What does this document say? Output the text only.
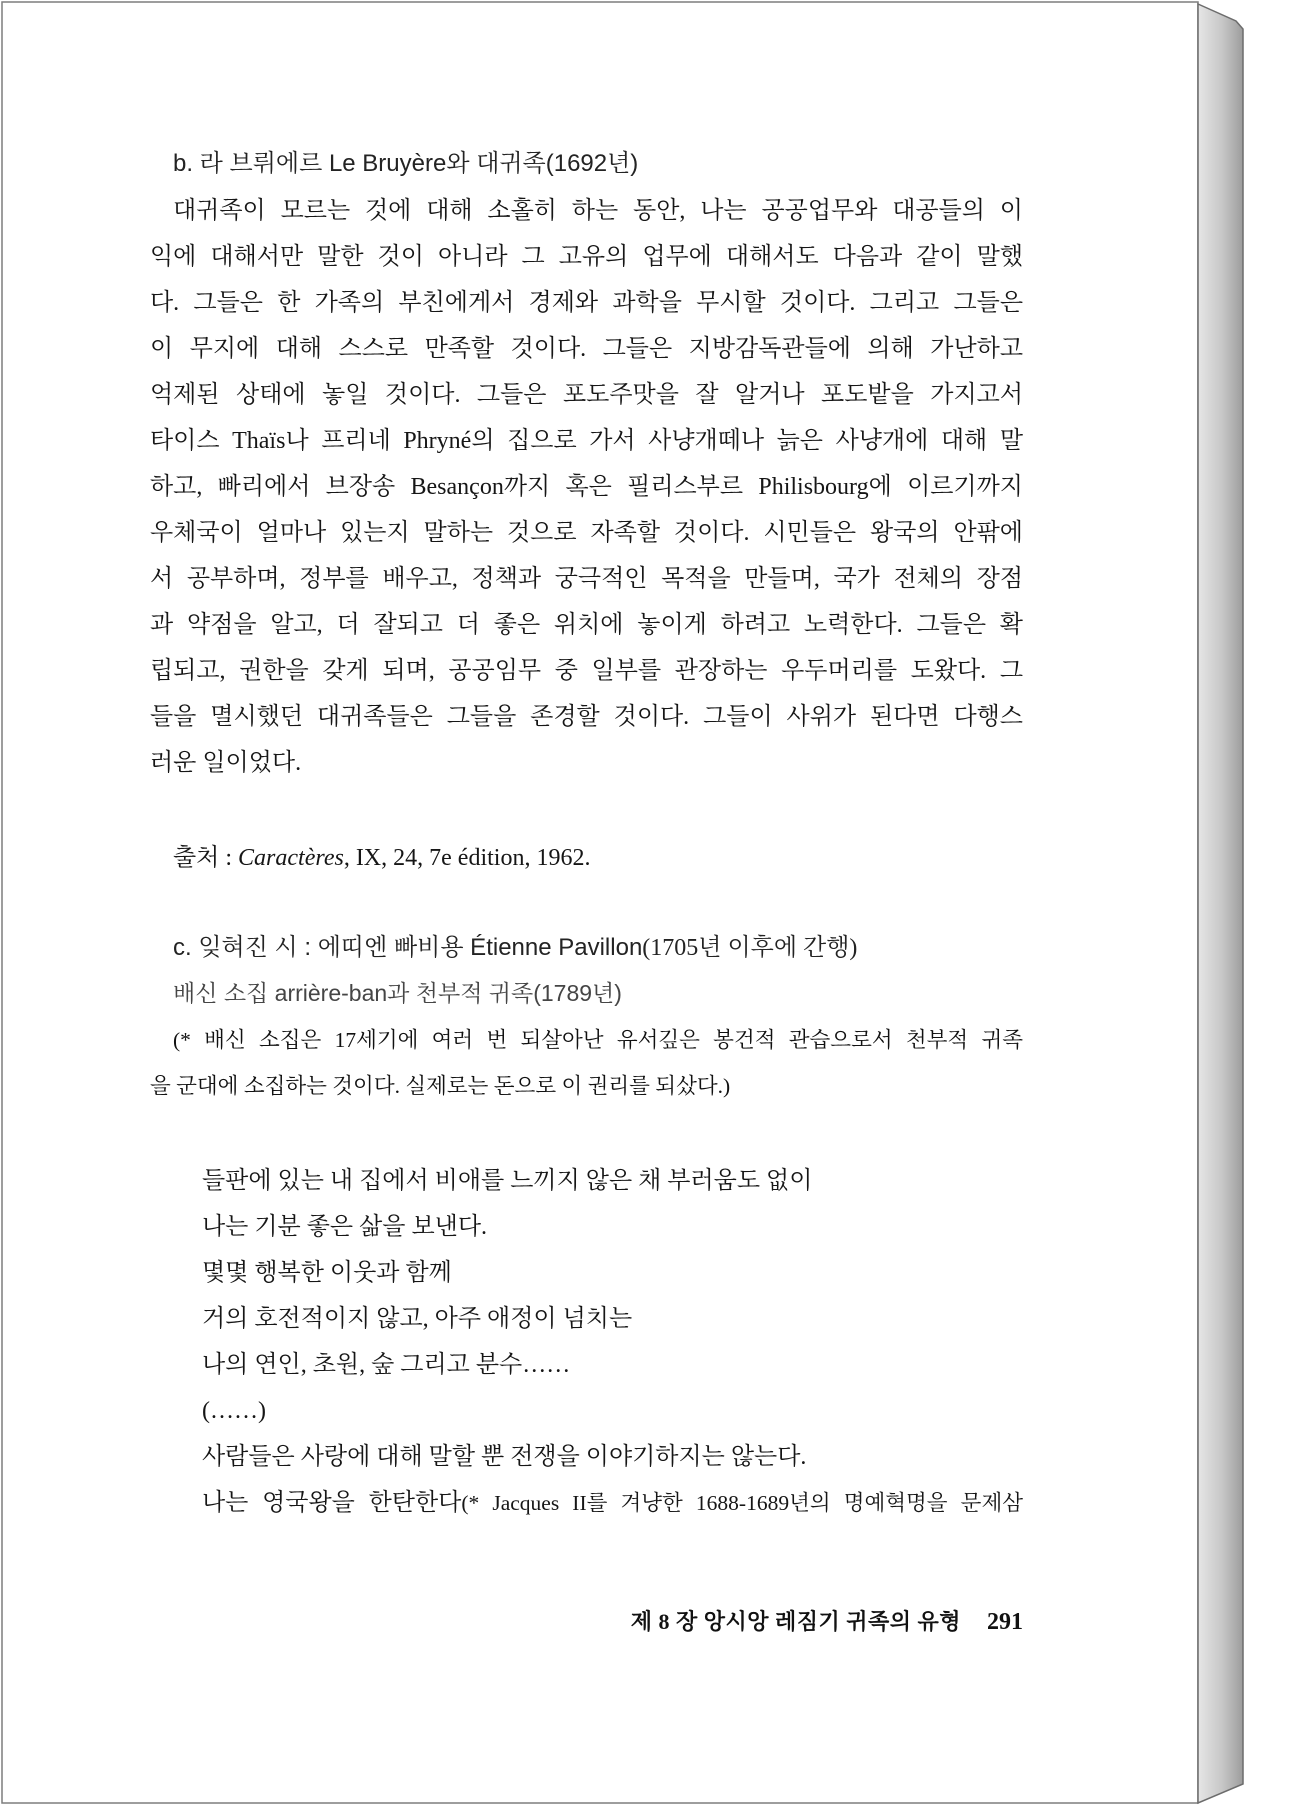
b. 라 브뤼에르 Le Bruyère와 대귀족(1692년)
대귀족이 모르는 것에 대해 소홀히 하는 동안, 나는 공공업무와 대공들의 이
익에 대해서만 말한 것이 아니라 그 고유의 업무에 대해서도 다음과 같이 말했
다. 그들은 한 가족의 부친에게서 경제와 과학을 무시할 것이다. 그리고 그들은
이 무지에 대해 스스로 만족할 것이다. 그들은 지방감독관들에 의해 가난하고
억제된 상태에 놓일 것이다. 그들은 포도주맛을 잘 알거나 포도밭을 가지고서
타이스 Thaïs나 프리네 Phryné의 집으로 가서 사냥개떼나 늙은 사냥개에 대해 말
하고, 빠리에서 브장송 Besançon까지 혹은 필리스부르 Philisbourg에 이르기까지
우체국이 얼마나 있는지 말하는 것으로 자족할 것이다. 시민들은 왕국의 안팎에
서 공부하며, 정부를 배우고, 정책과 궁극적인 목적을 만들며, 국가 전체의 장점
과 약점을 알고, 더 잘되고 더 좋은 위치에 놓이게 하려고 노력한다. 그들은 확
립되고, 권한을 갖게 되며, 공공임무 중 일부를 관장하는 우두머리를 도왔다. 그
들을 멸시했던 대귀족들은 그들을 존경할 것이다. 그들이 사위가 된다면 다행스
러운 일이었다.
출처 : Caractères, IX, 24, 7e édition, 1962.
c. 잊혀진 시 : 에띠엔 빠비용 Étienne Pavillon(1705년 이후에 간행)
배신 소집 arrière-ban과 천부적 귀족(1789년)
(* 배신 소집은 17세기에 여러 번 되살아난 유서깊은 봉건적 관습으로서 천부적 귀족
을 군대에 소집하는 것이다. 실제로는 돈으로 이 권리를 되샀다.)
들판에 있는 내 집에서 비애를 느끼지 않은 채 부러움도 없이
나는 기분 좋은 삶을 보낸다.
몇몇 행복한 이웃과 함께
거의 호전적이지 않고, 아주 애정이 넘치는
나의 연인, 초원, 숲 그리고 분수……
(……)
사람들은 사랑에 대해 말할 뿐 전쟁을 이야기하지는 않는다.
나는 영국왕을 한탄한다(* Jacques II를 겨냥한 1688-1689년의 명예혁명을 문제삼
제 8 장 앙시앙 레짐기 귀족의 유형 291
